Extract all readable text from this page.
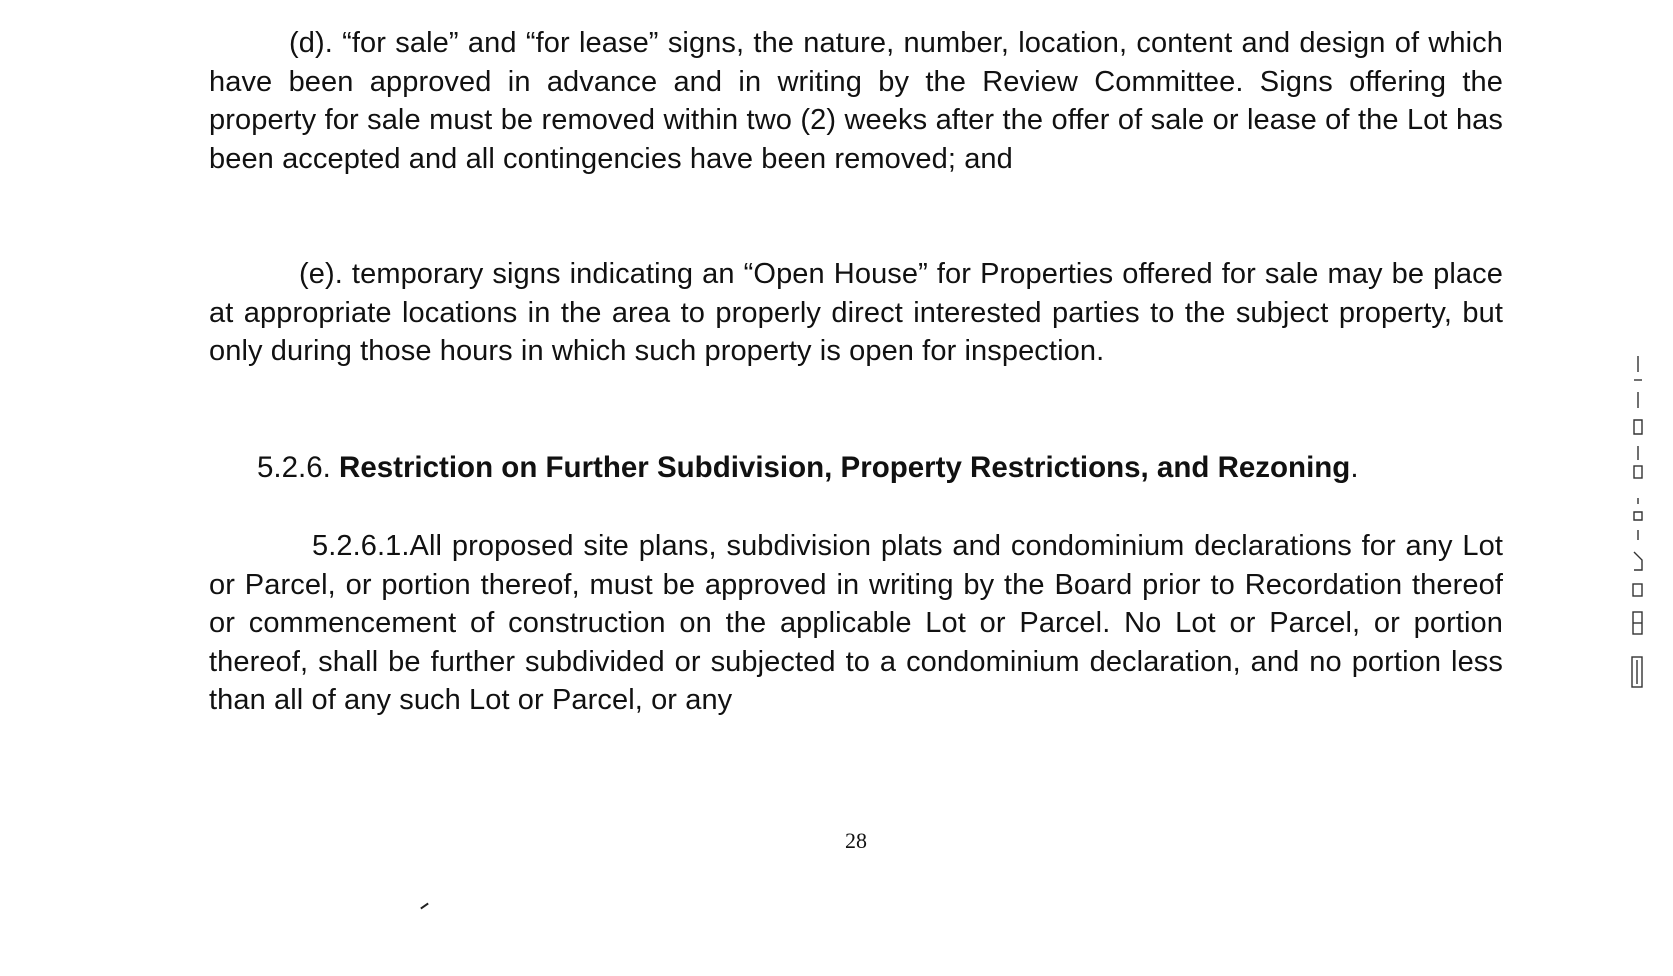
(d). “for sale” and “for lease” signs, the nature, number, location, content and design of which have been approved in advance and in writing by the Review Committee. Signs offering the property for sale must be removed within two (2) weeks after the offer of sale or lease of the Lot has been accepted and all contingencies have been removed; and

(e). temporary signs indicating an “Open House” for Properties offered for sale may be place at appropriate locations in the area to properly direct interested parties to the subject property, but only during those hours in which such property is open for inspection.

5.2.6. Restriction on Further Subdivision, Property Restrictions, and Rezoning.

5.2.6.1.All proposed site plans, subdivision plats and condominium declarations for any Lot or Parcel, or portion thereof, must be approved in writing by the Board prior to Recordation thereof or commencement of construction on the applicable Lot or Parcel. No Lot or Parcel, or portion thereof, shall be further subdivided or subjected to a condominium declaration, and no portion less than all of any such Lot or Parcel, or any

28
